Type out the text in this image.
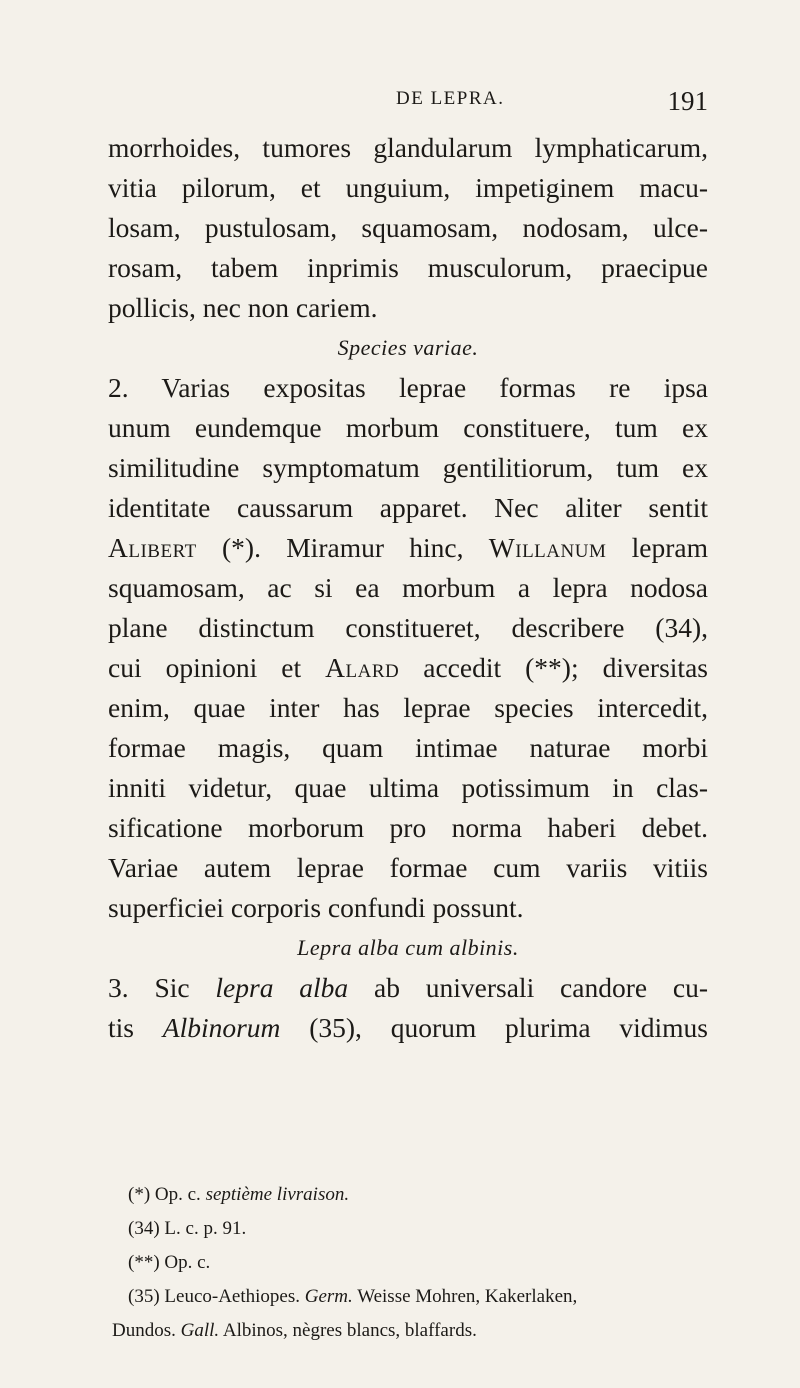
DE LEPRA.	191
morrhoides, tumores glandularum lymphaticarum,
vitia pilorum, et unguium, impetiginem macu-
losam, pustulosam, squamosam, nodosam, ulce-
rosam, tabem inprimis musculorum, praecipue
pollicis, nec non cariem.
Species variae.
2. Varias expositas leprae formas re ipsa
unum eundemque morbum constituere, tum ex
similitudine symptomatum gentilitiorum, tum ex
identitate caussarum apparet. Nec aliter sentit
Alibert (*). Miramur hinc, Willanum lepram
squamosam, ac si ea morbum a lepra nodosa
plane distinctum constitueret, describere (34),
cui opinioni et Alard accedit (**); diversitas
enim, quae inter has leprae species intercedit,
formae magis, quam intimae naturae morbi
inniti videtur, quae ultima potissimum in clas-
sificatione morborum pro norma haberi debet.
Variae autem leprae formae cum variis vitiis
superficiei corporis confundi possunt.
Lepra alba cum albinis.
3. Sic lepra alba ab universali candore cu-
tis Albinorum (35), quorum plurima vidimus
(*) Op. c. septième livraison.
(34) L. c. p. 91.
(**) Op. c.
(35) Leuco-Aethiopes. Germ. Weisse Mohren, Kakerlaken,
Dundos. Gall. Albinos, nègres blancs, blaffards.
